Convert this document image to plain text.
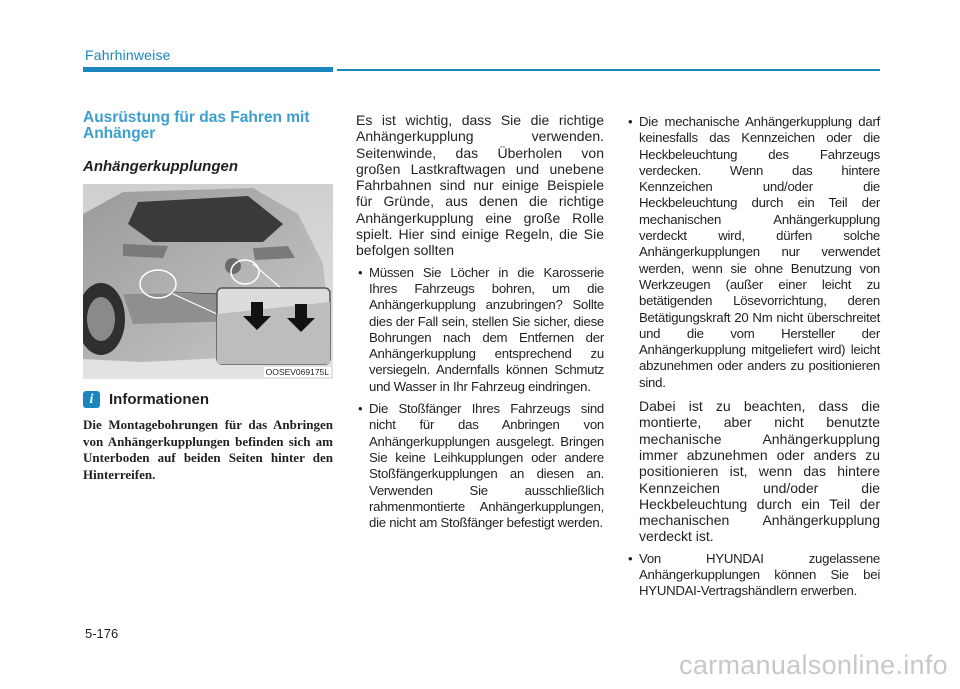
Fahrhinweise
Ausrüstung für das Fahren mit Anhänger
Anhängerkupplungen
OOSEV069175L
i	Informationen
Die Montagebohrungen für das Anbringen von Anhängerkupplungen befinden sich am Unterboden auf beiden Seiten hinter den Hinterreifen.

Es ist wichtig, dass Sie die richtige Anhängerkupplung verwenden. Seitenwinde, das Überholen von großen Lastkraftwagen und unebene Fahrbahnen sind nur einige Beispiele für Gründe, aus denen die richtige Anhängerkupplung eine große Rolle spielt. Hier sind einige Regeln, die Sie befolgen sollten

• Müssen Sie Löcher in die Karosserie Ihres Fahrzeugs bohren, um die Anhängerkupplung anzubringen? Sollte dies der Fall sein, stellen Sie sicher, diese Bohrungen nach dem Entfernen der Anhängerkupplung entsprechend zu versiegeln. Andernfalls können Schmutz und Wasser in Ihr Fahrzeug eindringen.
• Die Stoßfänger Ihres Fahrzeugs sind nicht für das Anbringen von Anhängerkupplungen ausgelegt. Bringen Sie keine Leihkupplungen oder andere Stoßfängerkupplungen an diesen an. Verwenden Sie ausschließlich rahmenmontierte Anhängerkupplungen, die nicht am Stoßfänger befestigt werden.
• Die mechanische Anhängerkupplung darf keinesfalls das Kennzeichen oder die Heckbeleuchtung des Fahrzeugs verdecken. Wenn das hintere Kennzeichen und/oder die Heckbeleuchtung durch ein Teil der mechanischen Anhängerkupplung verdeckt wird, dürfen solche Anhängerkupplungen nur verwendet werden, wenn sie ohne Benutzung von Werkzeugen (außer einer leicht zu betätigenden Lösevorrichtung, deren Betätigungskraft 20 Nm nicht überschreitet und die vom Hersteller der Anhängerkupplung mitgeliefert wird) leicht abzunehmen oder anders zu positionieren sind.
Dabei ist zu beachten, dass die montierte, aber nicht benutzte mechanische Anhängerkupplung immer abzunehmen oder anders zu positionieren ist, wenn das hintere Kennzeichen und/oder die Heckbeleuchtung durch ein Teil der mechanischen Anhängerkupplung verdeckt ist.
• Von HYUNDAI zugelassene Anhängerkupplungen können Sie bei HYUNDAI-Vertragshändlern erwerben.
5-176
carmanualsonline.info
